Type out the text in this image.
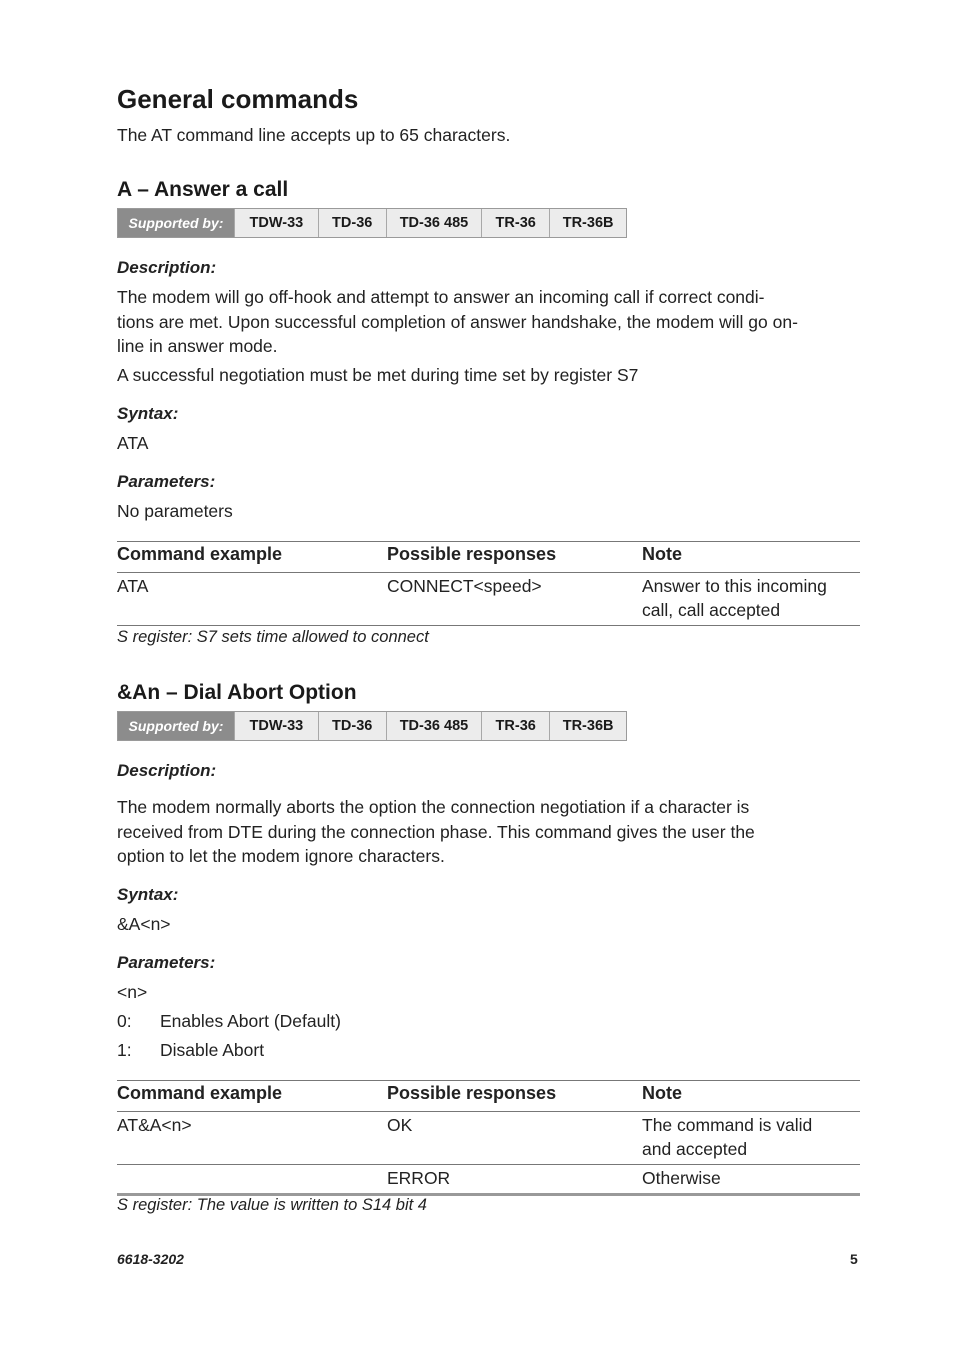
General commands

The AT command line accepts up to 65 characters.

A – Answer a call
Supported by:	TDW-33	TD-36	TD-36 485	TR-36	TR-36B

Description:

The modem will go off-hook and attempt to answer an incoming call if correct condi-
tions are met. Upon successful completion of answer handshake, the modem will go on-
line in answer mode.

A successful negotiation must be met during time set by register S7

Syntax:

ATA

Parameters:

No parameters

Command example	Possible responses	Note
ATA	CONNECT<speed>	Answer to this incoming
call, call accepted

S register: S7 sets time allowed to connect

&An – Dial Abort Option
Supported by:	TDW-33	TD-36	TD-36 485	TR-36	TR-36B

Description:

The modem normally aborts the option the connection negotiation if a character is
received from DTE during the connection phase. This command gives the user the
option to let the modem ignore characters.

Syntax:

&A<n>

Parameters:

<n>

0:	Enables Abort (Default)
1:	Disable Abort
Command example	Possible responses	Note
AT&A<n>	OK	The command is valid
and accepted

	ERROR	Otherwise

S register: The value is written to S14 bit 4

6618-3202	5
